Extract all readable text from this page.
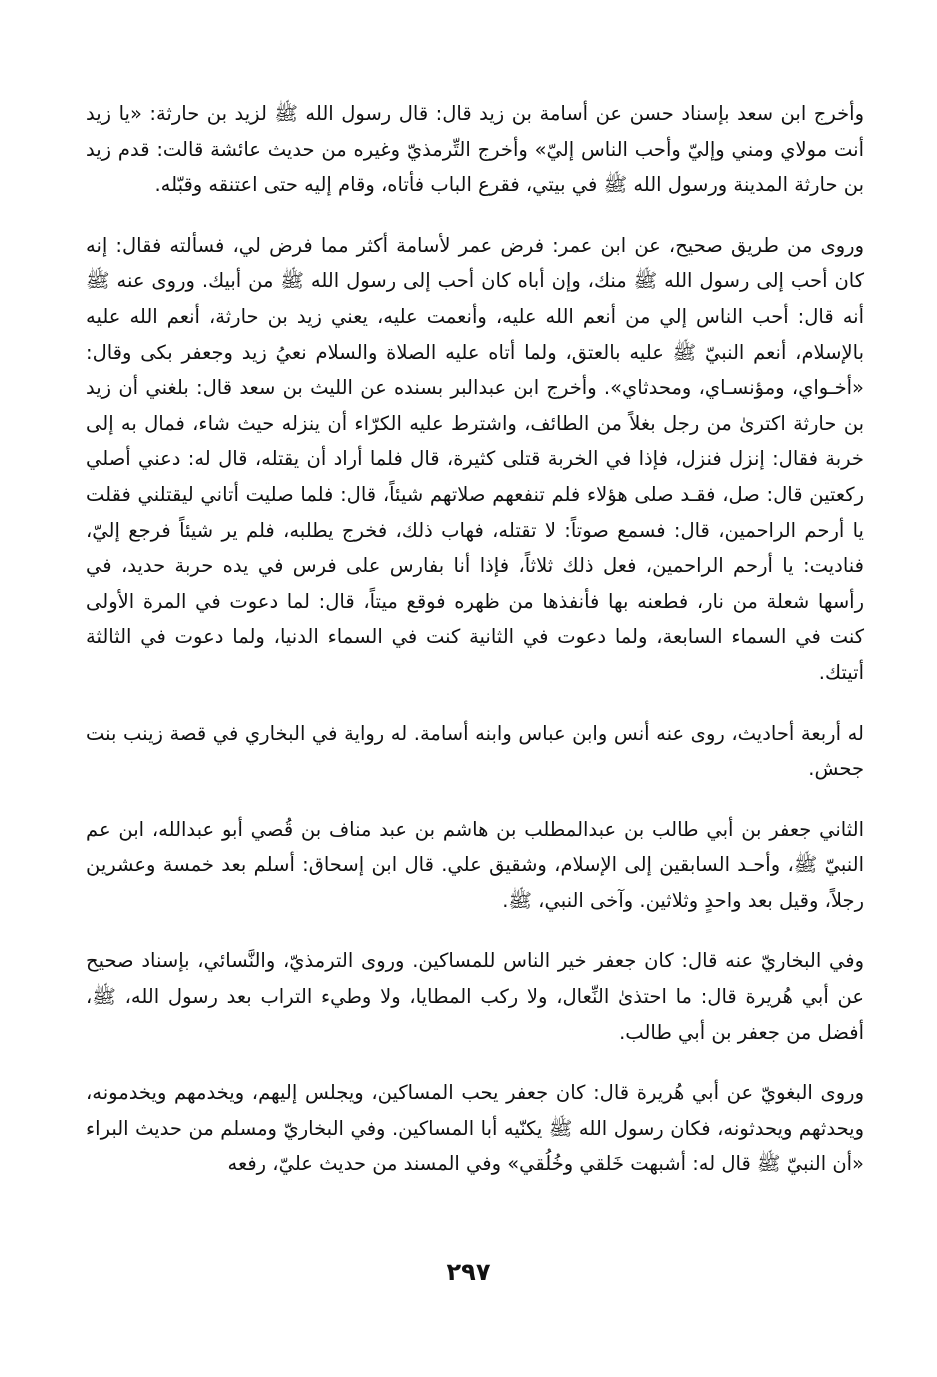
وأخرج ابن سعد بإسناد حسن عن أسامة بن زيد قال: قال رسول الله ﷺ لزيد بن حارثة: «يا زيد أنت مولاي ومني وإليّ وأحب الناس إليّ» وأخرج التِّرمذيّ وغيره من حديث عائشة قالت: قدم زيد بن حارثة المدينة ورسول الله ﷺ في بيتي، فقرع الباب فأتاه، وقام إليه حتى اعتنقه وقبّله.

وروى من طريق صحيح، عن ابن عمر: فرض عمر لأسامة أكثر مما فرض لي، فسألته فقال: إنه كان أحب إلى رسول الله ﷺ منك، وإن أباه كان أحب إلى رسول الله ﷺ من أبيك. وروى عنه ﷺ أنه قال: أحب الناس إلي من أنعم الله عليه، وأنعمت عليه، يعني زيد بن حارثة، أنعم الله عليه بالإسلام، أنعم النبيّ ﷺ عليه بالعتق، ولما أتاه عليه الصلاة والسلام نعيُ زيد وجعفر بكى وقال: «أخـواي، ومؤنسـاي، ومحدثاي». وأخرج ابن عبدالبر بسنده عن الليث بن سعد قال: بلغني أن زيد بن حارثة اكترىٰ من رجل بغلاً من الطائف، واشترط عليه الكرّاء أن ينزله حيث شاء، فمال به إلى خربة فقال: إنزل فنزل، فإذا في الخربة قتلى كثيرة، قال فلما أراد أن يقتله، قال له: دعني أصلي ركعتين قال: صل، فقـد صلى هؤلاء فلم تنفعهم صلاتهم شيئاً، قال: فلما صليت أتاني ليقتلني فقلت يا أرحم الراحمين، قال: فسمع صوتاً: لا تقتله، فهاب ذلك، فخرج يطلبه، فلم ير شيئاً فرجع إليّ، فناديت: يا أرحم الراحمين، فعل ذلك ثلاثاً، فإذا أنا بفارس على فرس في يده حربة حديد، في رأسها شعلة من نار، فطعنه بها فأنفذها من ظهره فوقع ميتاً، قال: لما دعوت في المرة الأولى كنت في السماء السابعة، ولما دعوت في الثانية كنت في السماء الدنيا، ولما دعوت في الثالثة أتيتك.

له أربعة أحاديث، روى عنه أنس وابن عباس وابنه أسامة. له رواية في البخاري في قصة زينب بنت جحش.

الثاني جعفر بن أبي طالب بن عبدالمطلب بن هاشم بن عبد مناف بن قُصي أبو عبدالله، ابن عم النبيّ ﷺ، وأحـد السابقين إلى الإسلام، وشقيق علي. قال ابن إسحاق: أسلم بعد خمسة وعشرين رجلاً، وقيل بعد واحدٍ وثلاثين. وآخى النبي، ﷺ.

وفي البخاريّ عنه قال: كان جعفر خير الناس للمساكين. وروى الترمذيّ، والنَّسائي، بإسناد صحيح عن أبي هُريرة قال: ما احتذىٰ النِّعال، ولا ركب المطايا، ولا وطيء التراب بعد رسول الله، ﷺ، أفضل من جعفر بن أبي طالب.

وروى البغويّ عن أبي هُريرة قال: كان جعفر يحب المساكين، ويجلس إليهم، ويخدمهم ويخدمونه، ويحدثهم ويحدثونه، فكان رسول الله ﷺ يكنّيه أبا المساكين. وفي البخاريّ ومسلم من حديث البراء «أن النبيّ ﷺ قال له: أشبهت خَلقي وخُلُقي» وفي المسند من حديث عليّ، رفعه

٢٩٧
